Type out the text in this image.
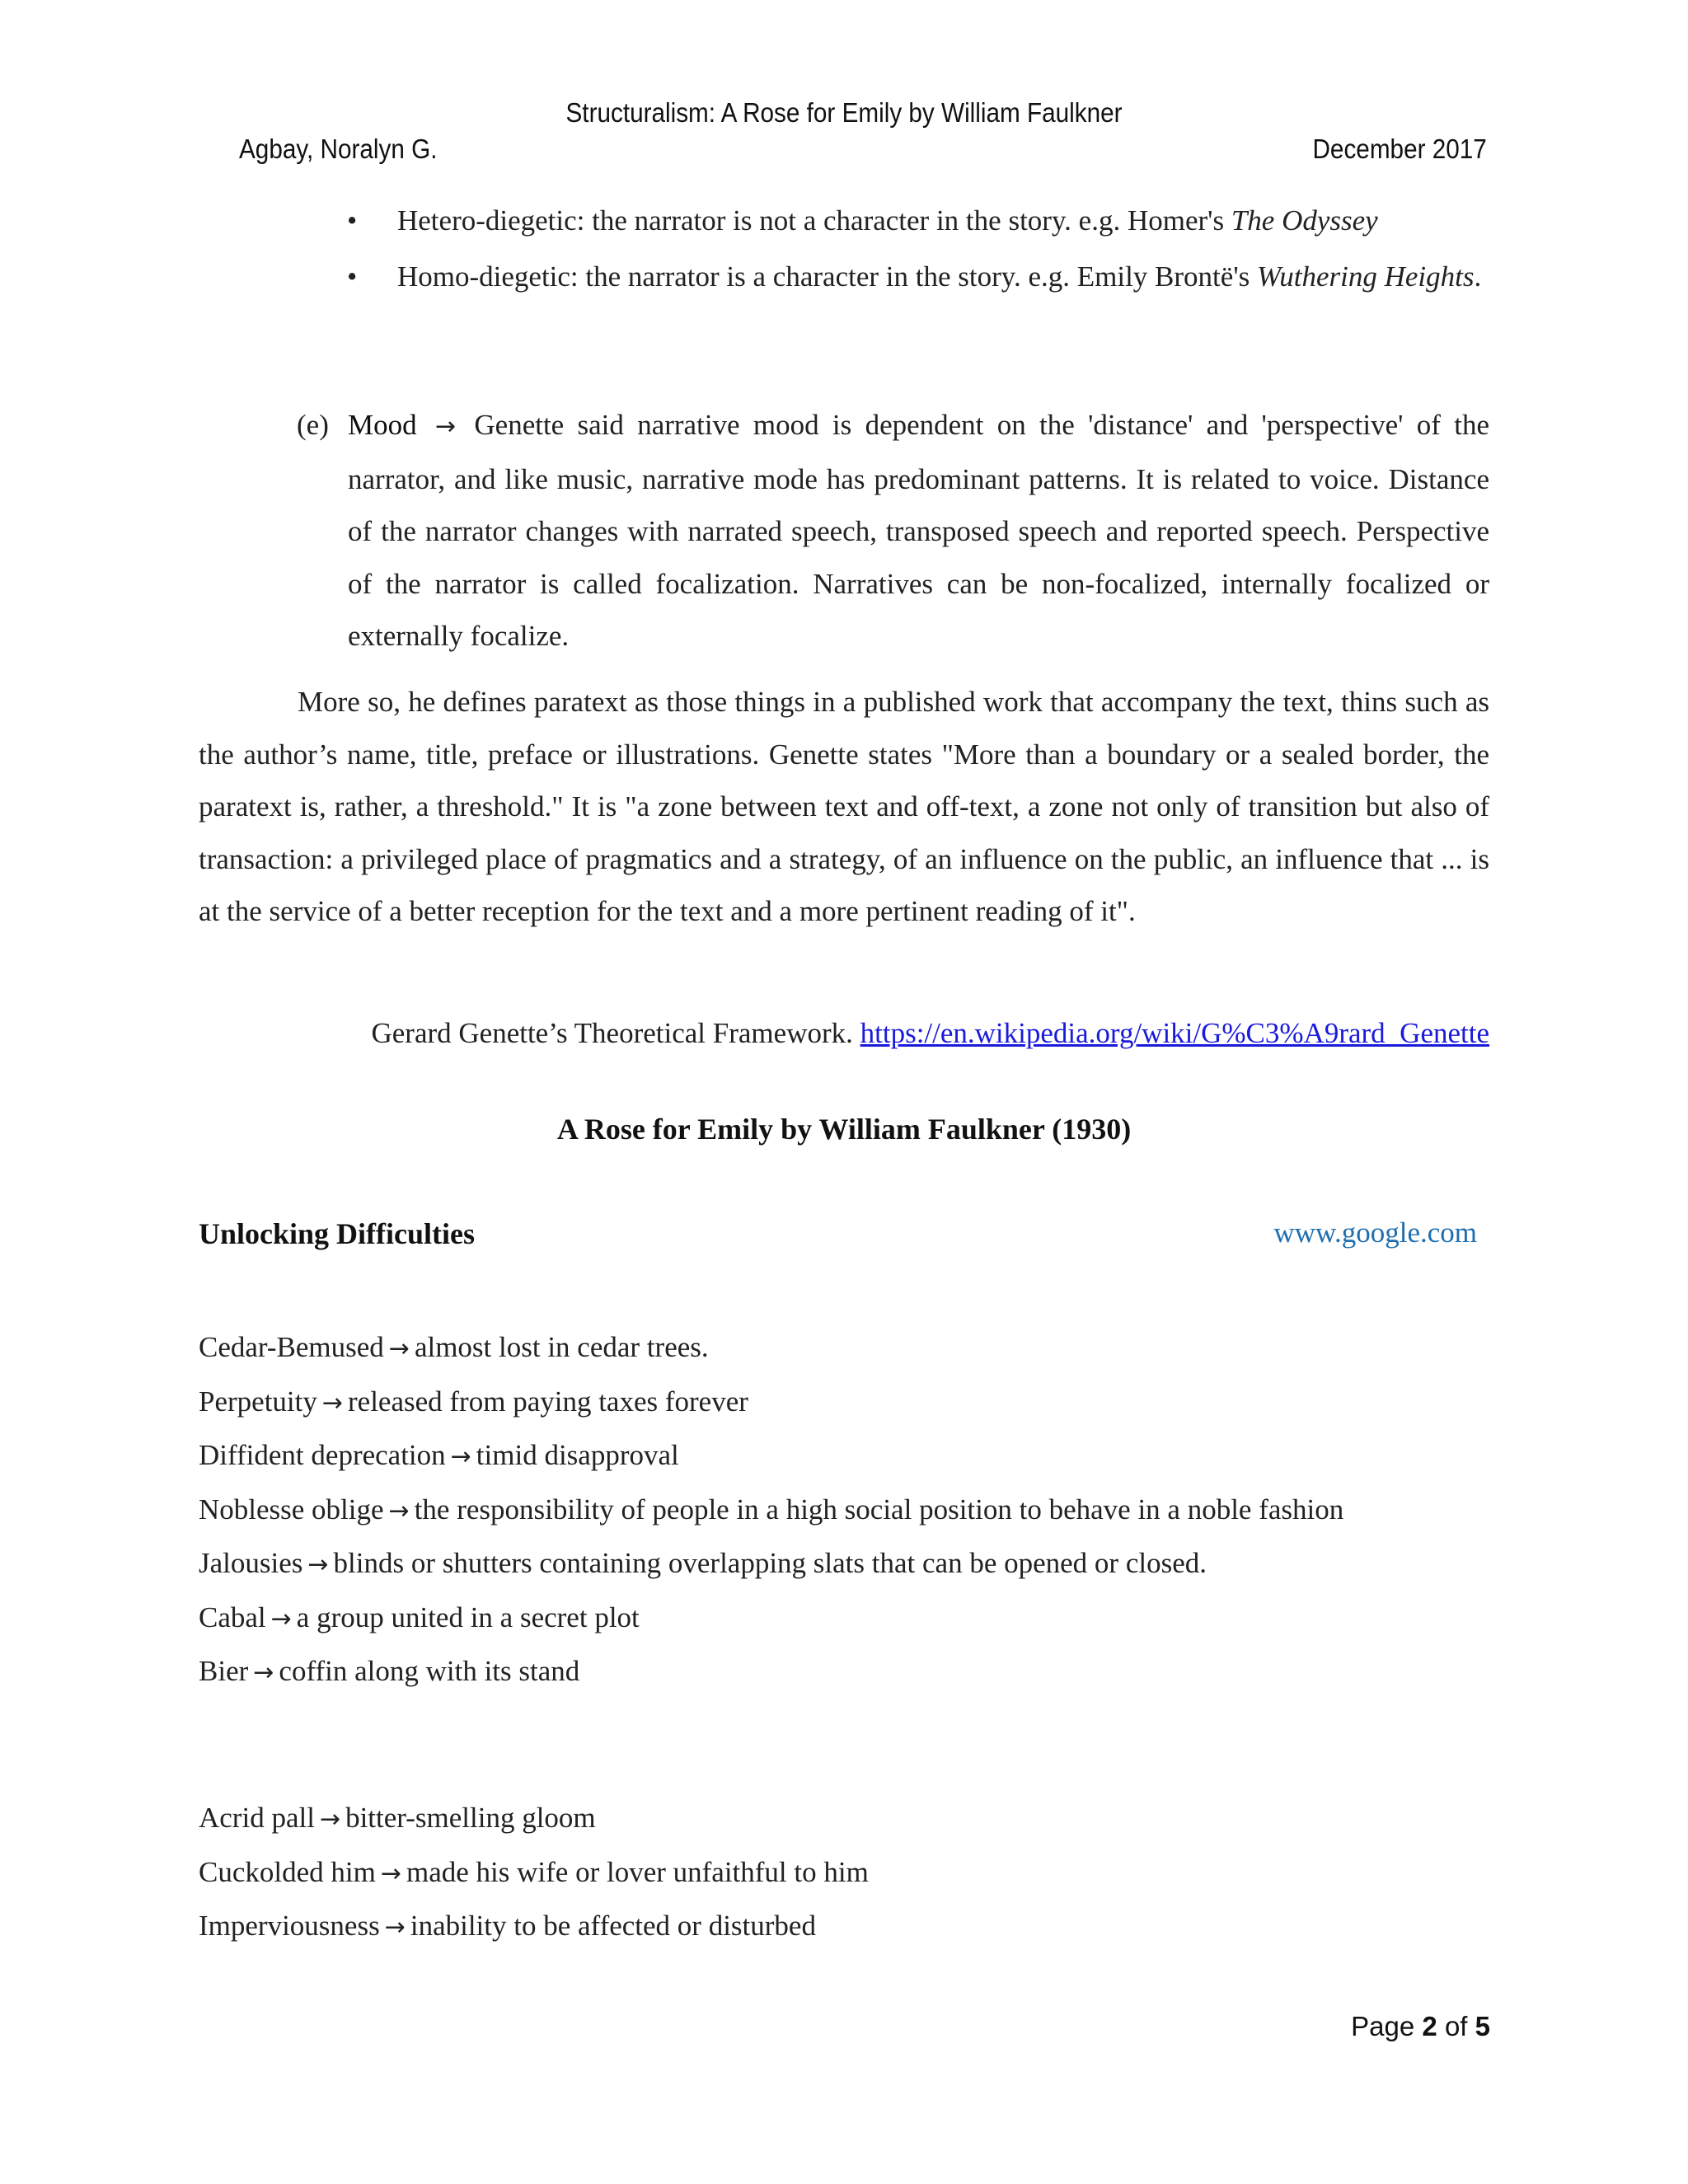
Structuralism: A Rose for Emily by William Faulkner
Agbay, Noralyn G.	December 2017
• Hetero-diegetic: the narrator is not a character in the story. e.g. Homer's The Odyssey
• Homo-diegetic: the narrator is a character in the story. e.g. Emily Brontë's Wuthering Heights.
(e) Mood → Genette said narrative mood is dependent on the 'distance' and 'perspective' of the narrator, and like music, narrative mode has predominant patterns. It is related to voice. Distance of the narrator changes with narrated speech, transposed speech and reported speech. Perspective of the narrator is called focalization. Narratives can be non-focalized, internally focalized or externally focalize.
More so, he defines paratext as those things in a published work that accompany the text, thins such as the author’s name, title, preface or illustrations. Genette states "More than a boundary or a sealed border, the paratext is, rather, a threshold." It is "a zone between text and off-text, a zone not only of transition but also of transaction: a privileged place of pragmatics and a strategy, of an influence on the public, an influence that ... is at the service of a better reception for the text and a more pertinent reading of it".
Gerard Genette’s Theoretical Framework. https://en.wikipedia.org/wiki/G%C3%A9rard_Genette
A Rose for Emily by William Faulkner (1930)
Unlocking Difficulties	www.google.com
Cedar-Bemused → almost lost in cedar trees.
Perpetuity → released from paying taxes forever
Diffident deprecation → timid disapproval
Noblesse oblige → the responsibility of people in a high social position to behave in a noble fashion
Jalousies → blinds or shutters containing overlapping slats that can be opened or closed.
Cabal → a group united in a secret plot
Bier → coffin along with its stand
Acrid pall → bitter-smelling gloom
Cuckolded him → made his wife or lover unfaithful to him
Imperviousness → inability to be affected or disturbed
Page 2 of 5
